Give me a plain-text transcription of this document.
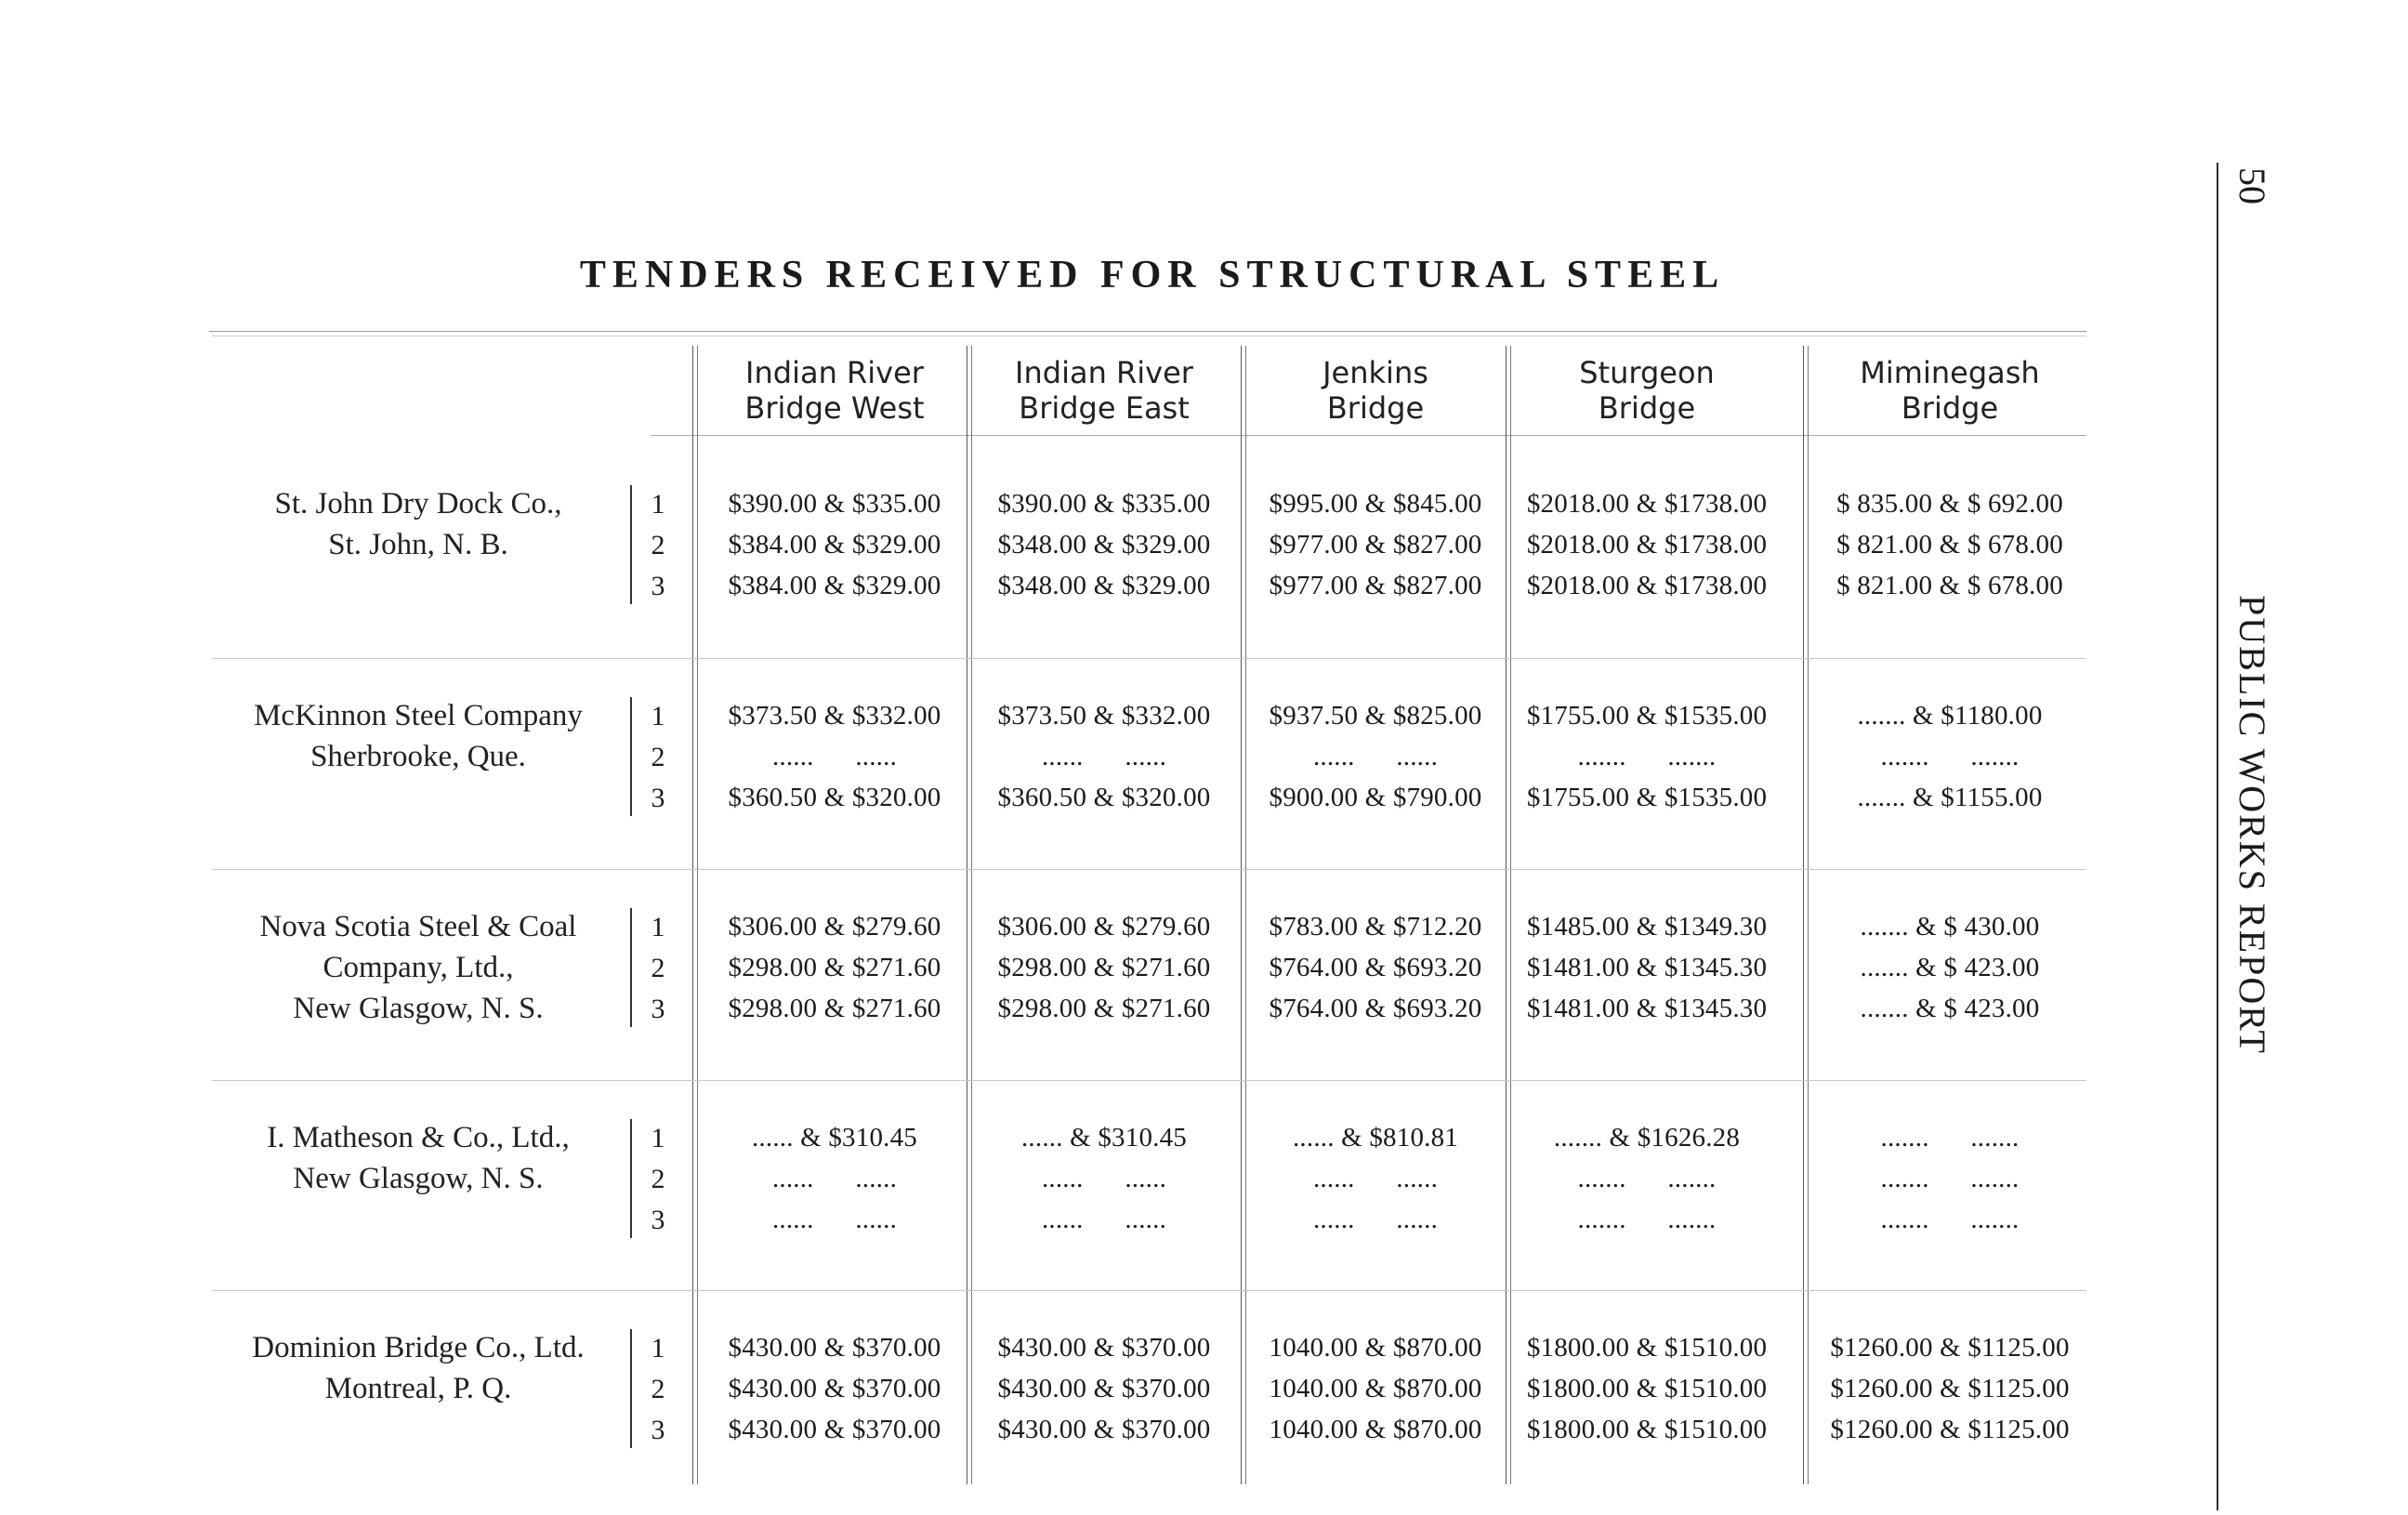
TENDERS RECEIVED FOR STRUCTURAL STEEL
50
PUBLIC WORKS REPORT
Indian River
Bridge West
Indian River
Bridge East
Jenkins
Bridge
Sturgeon
Bridge
Miminegash
Bridge
St. John Dry Dock Co.,
St. John, N. B.
1	$390.00 & $335.00	$390.00 & $335.00	$995.00 & $845.00	$2018.00 & $1738.00	$ 835.00 & $ 692.00
2	$384.00 & $329.00	$348.00 & $329.00	$977.00 & $827.00	$2018.00 & $1738.00	$ 821.00 & $ 678.00
3	$384.00 & $329.00	$348.00 & $329.00	$977.00 & $827.00	$2018.00 & $1738.00	$ 821.00 & $ 678.00
McKinnon Steel Company
Sherbrooke, Que.
1	$373.50 & $332.00	$373.50 & $332.00	$937.50 & $825.00	$1755.00 & $1535.00	....... & $1180.00
2	......      ......	......      ......	......      ......	.......      .......	.......      .......
3	$360.50 & $320.00	$360.50 & $320.00	$900.00 & $790.00	$1755.00 & $1535.00	....... & $1155.00
Nova Scotia Steel & Coal
Company, Ltd.,
New Glasgow, N. S.
1	$306.00 & $279.60	$306.00 & $279.60	$783.00 & $712.20	$1485.00 & $1349.30	....... & $ 430.00
2	$298.00 & $271.60	$298.00 & $271.60	$764.00 & $693.20	$1481.00 & $1345.30	....... & $ 423.00
3	$298.00 & $271.60	$298.00 & $271.60	$764.00 & $693.20	$1481.00 & $1345.30	....... & $ 423.00
I. Matheson & Co., Ltd.,
New Glasgow, N. S.
1	...... & $310.45	...... & $310.45	...... & $810.81	....... & $1626.28	.......      .......
2	......      ......	......      ......	......      ......	.......      .......	.......      .......
3	......      ......	......      ......	......      ......	.......      .......	.......      .......
Dominion Bridge Co., Ltd.
Montreal, P. Q.
1	$430.00 & $370.00	$430.00 & $370.00	1040.00 & $870.00	$1800.00 & $1510.00	$1260.00 & $1125.00
2	$430.00 & $370.00	$430.00 & $370.00	1040.00 & $870.00	$1800.00 & $1510.00	$1260.00 & $1125.00
3	$430.00 & $370.00	$430.00 & $370.00	1040.00 & $870.00	$1800.00 & $1510.00	$1260.00 & $1125.00
